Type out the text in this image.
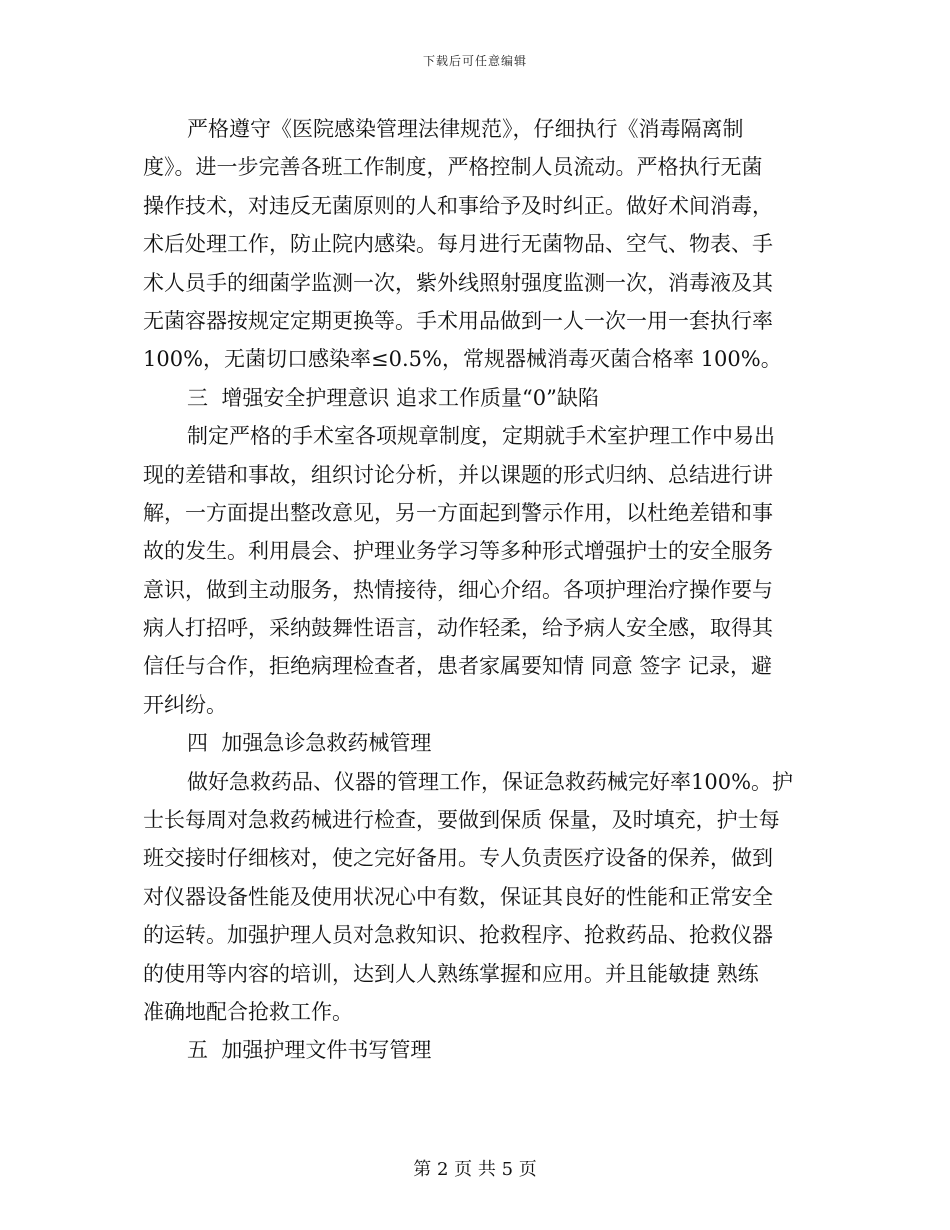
下载后可任意编辑
严格遵守《医院感染管理法律规范》，仔细执行《消毒隔离制
度》。进一步完善各班工作制度，严格控制人员流动。严格执行无菌
操作技术，对违反无菌原则的人和事给予及时纠正。做好术间消毒，
术后处理工作，防止院内感染。每月进行无菌物品、空气、物表、手
术人员手的细菌学监测一次，紫外线照射强度监测一次，消毒液及其
无菌容器按规定定期更换等。手术用品做到一人一次一用一套执行率
100%，无菌切口感染率≤0.5%，常规器械消毒灭菌合格率 100%。
三  增强安全护理意识 追求工作质量“0”缺陷
制定严格的手术室各项规章制度，定期就手术室护理工作中易出
现的差错和事故，组织讨论分析，并以课题的形式归纳、总结进行讲
解，一方面提出整改意见，另一方面起到警示作用，以杜绝差错和事
故的发生。利用晨会、护理业务学习等多种形式增强护士的安全服务
意识，做到主动服务，热情接待，细心介绍。各项护理治疗操作要与
病人打招呼，采纳鼓舞性语言，动作轻柔，给予病人安全感，取得其
信任与合作，拒绝病理检查者，患者家属要知情 同意 签字 记录，避
开纠纷。
四  加强急诊急救药械管理
做好急救药品、仪器的管理工作，保证急救药械完好率100%。护
士长每周对急救药械进行检查，要做到保质 保量，及时填充，护士每
班交接时仔细核对，使之完好备用。专人负责医疗设备的保养，做到
对仪器设备性能及使用状况心中有数，保证其良好的性能和正常安全
的运转。加强护理人员对急救知识、抢救程序、抢救药品、抢救仪器
的使用等内容的培训，达到人人熟练掌握和应用。并且能敏捷 熟练
准确地配合抢救工作。
五  加强护理文件书写管理
第 2 页 共 5 页
